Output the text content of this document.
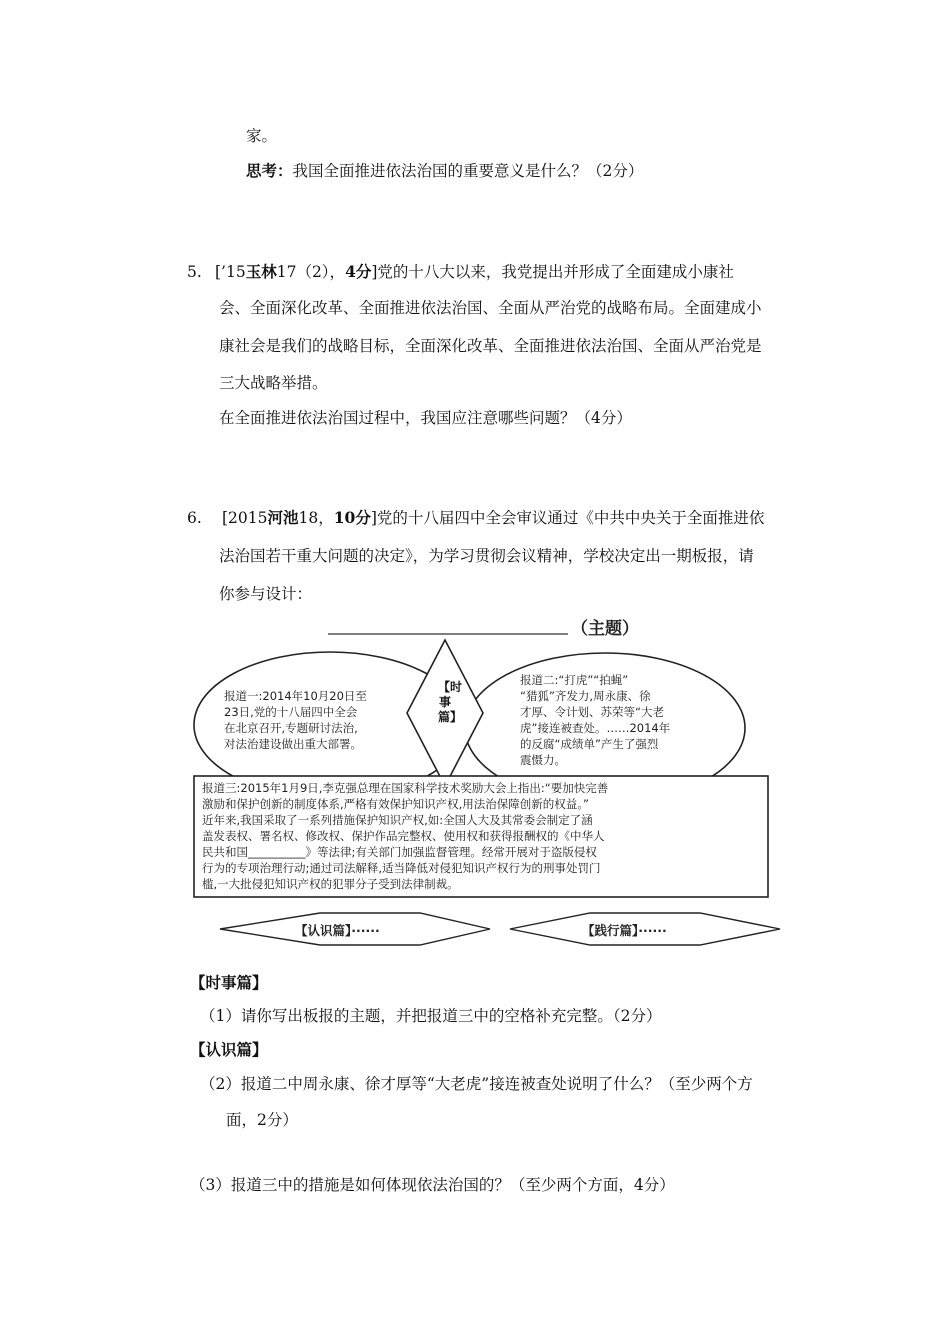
家。
思考：我国全面推进依法治国的重要意义是什么？（2分）
5. [’15玉林17（2），4分]党的十八大以来，我党提出并形成了全面建成小康社
会、全面深化改革、全面推进依法治国、全面从严治党的战略布局。全面建成小
康社会是我们的战略目标，全面深化改革、全面推进依法治国、全面从严治党是
三大战略举措。
在全面推进依法治国过程中，我国应注意哪些问题？（4分）
6. [2015河池18，10分]党的十八届四中全会审议通过《中共中央关于全面推进依
法治国若干重大问题的决定》，为学习贯彻会议精神，学校决定出一期板报，请
你参与设计：
（主题）
【时事篇】
报道一:2014年10月20日至
23日,党的十八届四中全会
在北京召开,专题研讨法治,
对法治建设做出重大部署。
报道二:“打虎”“拍蝇”
“猎狐”齐发力,周永康、徐
才厚、令计划、苏荣等“大老
虎”接连被查处。……2014年
的反腐“成绩单”产生了强烈
震慑力。
报道三:2015年1月9日,李克强总理在国家科学技术奖励大会上指出:“要加快完善
激励和保护创新的制度体系,严格有效保护知识产权,用法治保障创新的权益。”
近年来,我国采取了一系列措施保护知识产权,如:全国人大及其常委会制定了涵
盖发表权、署名权、修改权、保护作品完整权、使用权和获得报酬权的《中华人
民共和国__________》等法律;有关部门加强监督管理。经常开展对于盗版侵权
行为的专项治理行动;通过司法解释,适当降低对侵犯知识产权行为的刑事处罚门
槛,一大批侵犯知识产权的犯罪分子受到法律制裁。
【认识篇】······	【践行篇】······
【时事篇】
（1）请你写出板报的主题，并把报道三中的空格补充完整。（2分）
【认识篇】
（2）报道二中周永康、徐才厚等“大老虎”接连被查处说明了什么？（至少两个方
面，2分）
（3）报道三中的措施是如何体现依法治国的？（至少两个方面，4分）
